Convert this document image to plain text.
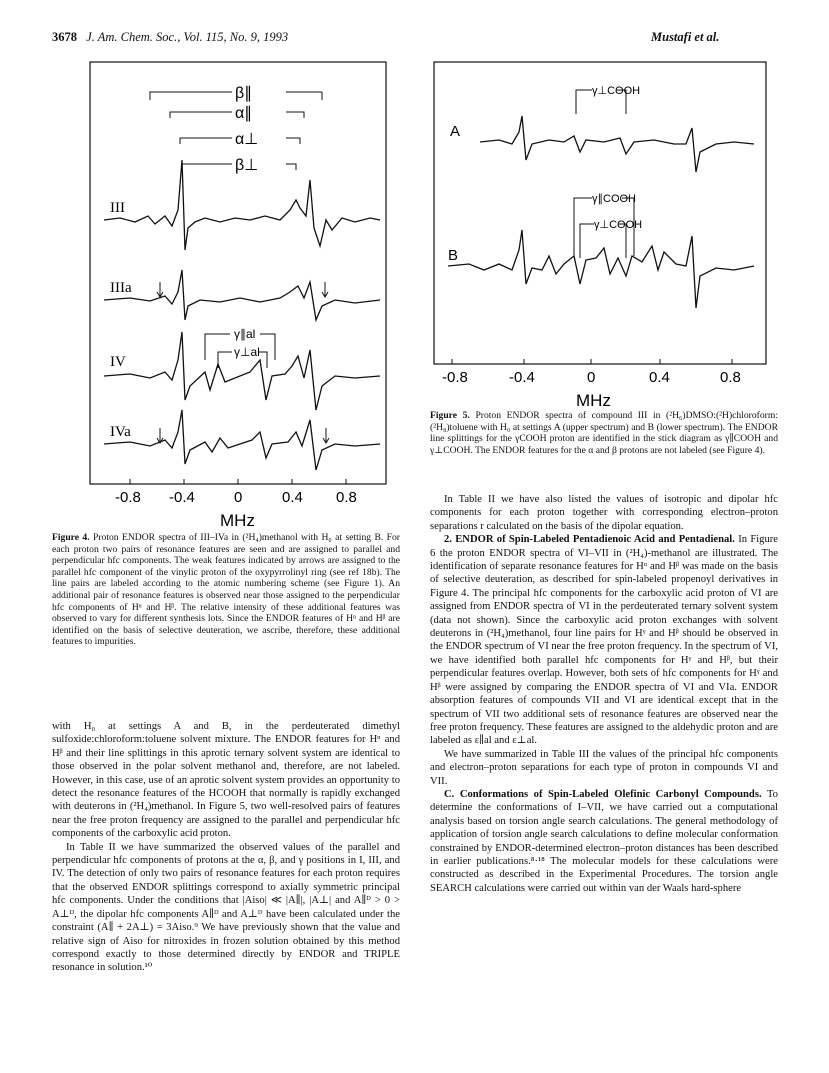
3678 J. Am. Chem. Soc., Vol. 115, No. 9, 1993	Mustafi et al.
β∥
α∥
α⊥
β⊥
III
IIIa
γ∥al
γ⊥al
IV
IVa
-0.8 -0.4	0	0.4 0.8
MHz
Figure 4. Proton ENDOR spectra of III–IVa in (²H₄)methanol with H₀ at setting B. For each proton two pairs of resonance features are seen and are assigned to parallel and perpendicular hfc components. The weak features indicated by arrows are assigned to the parallel hfc component of the vinylic proton of the oxypyrrolinyl ring (see ref 18b). The line pairs are labeled according to the atomic numbering scheme (see Figure 1). An additional pair of resonance features is observed near those assigned to the perpendicular hfc components of Hᵅ and Hᵝ. The relative intensity of these additional features was observed to vary for different synthesis lots. Since the ENDOR features of Hᵅ and Hᵝ are identified on the basis of selective deuteration, we ascribe, therefore, these additional features to impurities.

with H₀ at settings A and B, in the perdeuterated dimethyl sulfoxide:chloroform:toluene solvent mixture. The ENDOR features for Hᵅ and Hᵝ and their line splittings in this aprotic ternary solvent system are identical to those observed in the polar solvent methanol and, therefore, are not labeled. However, in this case, use of an aprotic solvent system provides an opportunity to detect the resonance features of the HCOOH that normally is rapidly exchanged with deuterons in (²H₄)methanol. In Figure 5, two well-resolved pairs of features near the free proton frequency are assigned to the parallel and perpendicular hfc components of the carboxylic acid proton.

In Table II we have summarized the observed values of the parallel and perpendicular hfc components of protons at the α, β, and γ positions in I, III, and IV. The detection of only two pairs of resonance features for each proton requires that the observed ENDOR splittings correspond to axially symmetric principal hfc components. Under the conditions that |Aiso| ≪ |A∥|, |A⊥| and A∥ᴰ > 0 > A⊥ᴰ, the dipolar hfc components A∥ᴰ and A⊥ᴰ have been calculated under the constraint (A∥ + 2A⊥) = 3Aiso.⁹ We have previously shown that the value and relative sign of Aiso for nitroxides in frozen solution obtained by this method correspond exactly to those determined directly by ENDOR and TRIPLE resonance in solution.¹⁰

γ⊥COOH
A
γ∥COOH
γ⊥COOH
B
-0.8	-0.4	0	0.4	0.8
MHz
Figure 5. Proton ENDOR spectra of compound III in (²H₆)DMSO:(²H)chloroform:(²H₈)toluene with H₀ at settings A (upper spectrum) and B (lower spectrum). The ENDOR line splittings for the γCOOH proton are identified in the stick diagram as γ∥COOH and γ⊥COOH. The ENDOR features for the α and β protons are not labeled (see Figure 4).

In Table II we have also listed the values of isotropic and dipolar hfc components for each proton together with corresponding electron–proton separations r calculated on the basis of the dipolar equation.

2. ENDOR of Spin-Labeled Pentadienoic Acid and Pentadienal. In Figure 6 the proton ENDOR spectra of VI–VII in (²H₄)-methanol are illustrated. The identification of separate resonance features for Hᵅ and Hᵝ was made on the basis of selective deuteration, as described for spin-labeled propenoyl derivatives in Figure 4. The principal hfc components for the carboxylic acid proton of VI are assigned from ENDOR spectra of VI in the perdeuterated ternary solvent system (data not shown). Since the carboxylic acid proton exchanges with solvent deuterons in (²H₄)methanol, four line pairs for Hᵞ and Hᵝ should be observed in the ENDOR spectrum of VI near the free proton frequency. In the spectrum of VI, we have identified both parallel hfc components for Hᵞ and Hᵝ, but their perpendicular features overlap. However, both sets of hfc components for Hᵞ and Hᵝ were assigned by comparing the ENDOR spectra of VI and VIa. ENDOR absorption features of compounds VII and VI are identical except that in the spectrum of VII two additional sets of resonance features are observed near the free proton frequency. These features are assigned to the aldehydic proton and are labeled as ε∥al and ε⊥al.

We have summarized in Table III the values of the principal hfc components and electron–proton separations for each type of proton in compounds VI and VII.

C. Conformations of Spin-Labeled Olefinic Carbonyl Compounds. To determine the conformations of I–VII, we have carried out a computational analysis based on torsion angle search calculations. The general methodology of application of torsion angle search calculations to define molecular conformation constrained by ENDOR-determined electron–proton distances has been described in earlier publications.⁸·¹⁸ The molecular models for these calculations were constructed as described in the Experimental Procedures. The torsion angle SEARCH calculations were carried out within van der Waals hard-sphere
